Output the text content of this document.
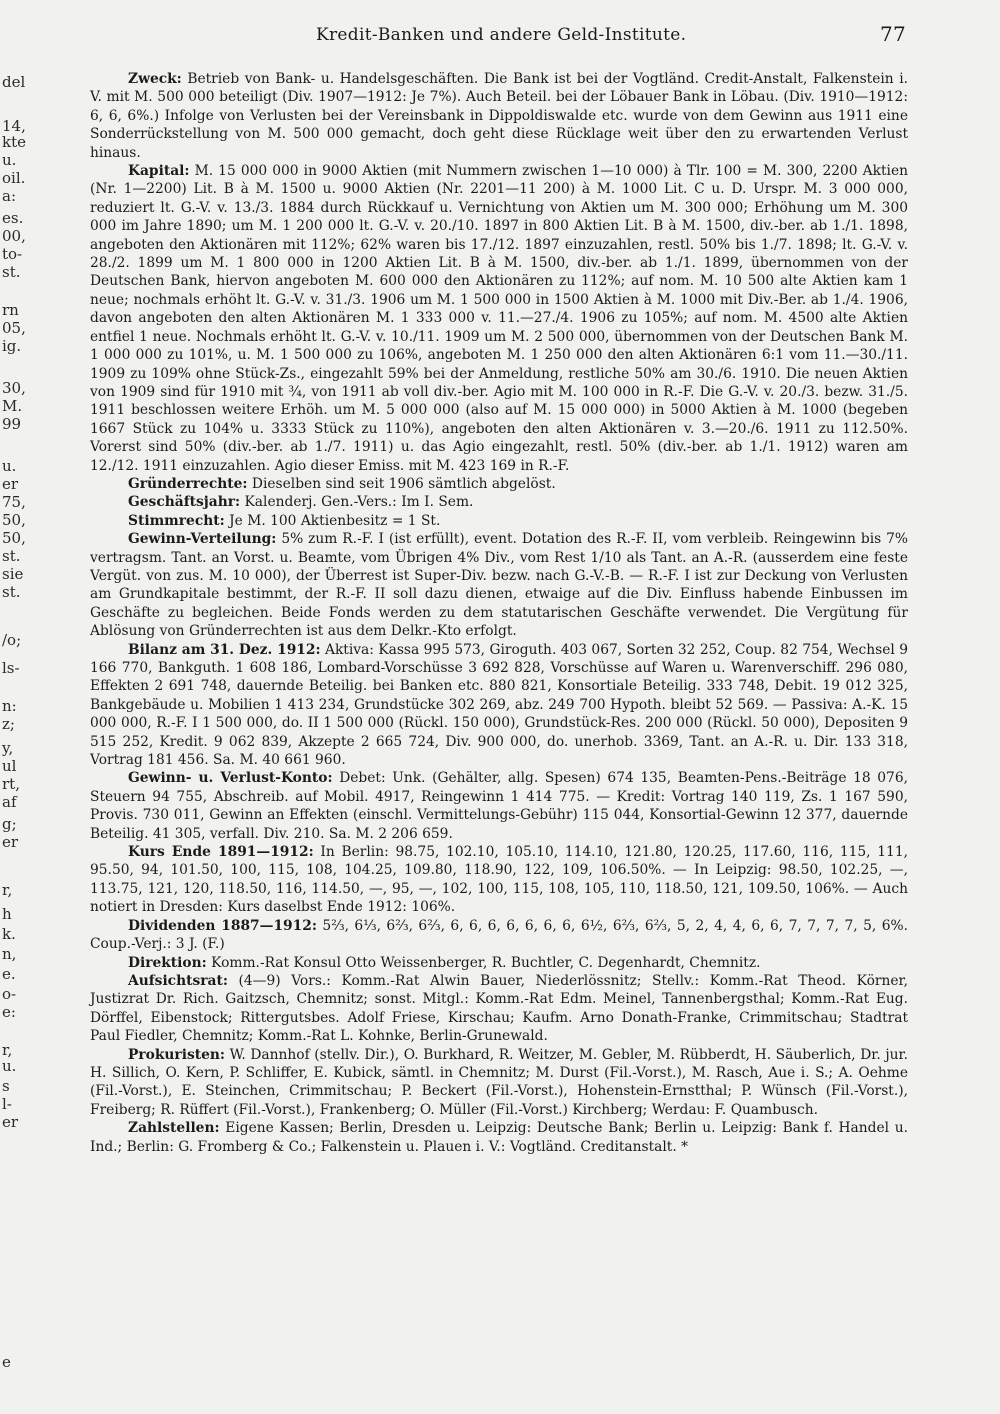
del
14,
kte
u.
oil.
a:
es.
00,
to-
st.
rn
05,
ig.
30,
M.
99
u.
er
75,
50,
50,
st.
sie
st.
/o;
ls-
n:
z;
y,
ul
rt,
af
g;
er
r,
h
k.
n,
e.
o-
e:
r,
u.
s
l-
er
e
Kredit-Banken und andere Geld-Institute.	77

Zweck: Betrieb von Bank- u. Handelsgeschäften. Die Bank ist bei der Vogtländ. Credit-Anstalt, Falkenstein i. V. mit M. 500 000 beteiligt (Div. 1907—1912: Je 7%). Auch Beteil. bei der Löbauer Bank in Löbau. (Div. 1910—1912: 6, 6, 6%.) Infolge von Verlusten bei der Vereinsbank in Dippoldiswalde etc. wurde von dem Gewinn aus 1911 eine Sonderrückstellung von M. 500 000 gemacht, doch geht diese Rücklage weit über den zu erwartenden Verlust hinaus.

Kapital: M. 15 000 000 in 9000 Aktien (mit Nummern zwischen 1—10 000) à Tlr. 100 = M. 300, 2200 Aktien (Nr. 1—2200) Lit. B à M. 1500 u. 9000 Aktien (Nr. 2201—11 200) à M. 1000 Lit. C u. D. Urspr. M. 3 000 000, reduziert lt. G.-V. v. 13./3. 1884 durch Rückkauf u. Vernichtung von Aktien um M. 300 000; Erhöhung um M. 300 000 im Jahre 1890; um M. 1 200 000 lt. G.-V. v. 20./10. 1897 in 800 Aktien Lit. B à M. 1500, div.-ber. ab 1./1. 1898, angeboten den Aktionären mit 112%; 62% waren bis 17./12. 1897 einzuzahlen, restl. 50% bis 1./7. 1898; lt. G.-V. v. 28./2. 1899 um M. 1 800 000 in 1200 Aktien Lit. B à M. 1500, div.-ber. ab 1./1. 1899, übernommen von der Deutschen Bank, hiervon angeboten M. 600 000 den Aktionären zu 112%; auf nom. M. 10 500 alte Aktien kam 1 neue; nochmals erhöht lt. G.-V. v. 31./3. 1906 um M. 1 500 000 in 1500 Aktien à M. 1000 mit Div.-Ber. ab 1./4. 1906, davon angeboten den alten Aktionären M. 1 333 000 v. 11.—27./4. 1906 zu 105%; auf nom. M. 4500 alte Aktien entfiel 1 neue. Nochmals erhöht lt. G.-V. v. 10./11. 1909 um M. 2 500 000, übernommen von der Deutschen Bank M. 1 000 000 zu 101%, u. M. 1 500 000 zu 106%, angeboten M. 1 250 000 den alten Aktionären 6:1 vom 11.—30./11. 1909 zu 109% ohne Stück-Zs., eingezahlt 59% bei der Anmeldung, restliche 50% am 30./6. 1910. Die neuen Aktien von 1909 sind für 1910 mit ¾, von 1911 ab voll div.-ber. Agio mit M. 100 000 in R.-F. Die G.-V. v. 20./3. bezw. 31./5. 1911 beschlossen weitere Erhöh. um M. 5 000 000 (also auf M. 15 000 000) in 5000 Aktien à M. 1000 (begeben 1667 Stück zu 104% u. 3333 Stück zu 110%), angeboten den alten Aktionären v. 3.—20./6. 1911 zu 112.50%. Vorerst sind 50% (div.-ber. ab 1./7. 1911) u. das Agio eingezahlt, restl. 50% (div.-ber. ab 1./1. 1912) waren am 12./12. 1911 einzuzahlen. Agio dieser Emiss. mit M. 423 169 in R.-F.

Gründerrechte: Dieselben sind seit 1906 sämtlich abgelöst.

Geschäftsjahr: Kalenderj. Gen.-Vers.: Im I. Sem.

Stimmrecht: Je M. 100 Aktienbesitz = 1 St.

Gewinn-Verteilung: 5% zum R.-F. I (ist erfüllt), event. Dotation des R.-F. II, vom verbleib. Reingewinn bis 7% vertragsm. Tant. an Vorst. u. Beamte, vom Übrigen 4% Div., vom Rest 1/10 als Tant. an A.-R. (ausserdem eine feste Vergüt. von zus. M. 10 000), der Überrest ist Super-Div. bezw. nach G.-V.-B. — R.-F. I ist zur Deckung von Verlusten am Grundkapitale bestimmt, der R.-F. II soll dazu dienen, etwaige auf die Div. Einfluss habende Einbussen im Geschäfte zu begleichen. Beide Fonds werden zu dem statutarischen Geschäfte verwendet. Die Vergütung für Ablösung von Gründerrechten ist aus dem Delkr.-Kto erfolgt.

Bilanz am 31. Dez. 1912: Aktiva: Kassa 995 573, Giroguth. 403 067, Sorten 32 252, Coup. 82 754, Wechsel 9 166 770, Bankguth. 1 608 186, Lombard-Vorschüsse 3 692 828, Vorschüsse auf Waren u. Warenverschiff. 296 080, Effekten 2 691 748, dauernde Beteilig. bei Banken etc. 880 821, Konsortiale Beteilig. 333 748, Debit. 19 012 325, Bankgebäude u. Mobilien 1 413 234, Grundstücke 302 269, abz. 249 700 Hypoth. bleibt 52 569. — Passiva: A.-K. 15 000 000, R.-F. I 1 500 000, do. II 1 500 000 (Rückl. 150 000), Grundstück-Res. 200 000 (Rückl. 50 000), Depositen 9 515 252, Kredit. 9 062 839, Akzepte 2 665 724, Div. 900 000, do. unerhob. 3369, Tant. an A.-R. u. Dir. 133 318, Vortrag 181 456. Sa. M. 40 661 960.

Gewinn- u. Verlust-Konto: Debet: Unk. (Gehälter, allg. Spesen) 674 135, Beamten-Pens.-Beiträge 18 076, Steuern 94 755, Abschreib. auf Mobil. 4917, Reingewinn 1 414 775. — Kredit: Vortrag 140 119, Zs. 1 167 590, Provis. 730 011, Gewinn an Effekten (einschl. Vermittelungs-Gebühr) 115 044, Konsortial-Gewinn 12 377, dauernde Beteilig. 41 305, verfall. Div. 210. Sa. M. 2 206 659.

Kurs Ende 1891—1912: In Berlin: 98.75, 102.10, 105.10, 114.10, 121.80, 120.25, 117.60, 116, 115, 111, 95.50, 94, 101.50, 100, 115, 108, 104.25, 109.80, 118.90, 122, 109, 106.50%. — In Leipzig: 98.50, 102.25, —, 113.75, 121, 120, 118.50, 116, 114.50, —, 95, —, 102, 100, 115, 108, 105, 110, 118.50, 121, 109.50, 106%. — Auch notiert in Dresden: Kurs daselbst Ende 1912: 106%.

Dividenden 1887—1912: 5⅔, 6⅓, 6⅔, 6⅔, 6, 6, 6, 6, 6, 6, 6, 6½, 6⅔, 6⅔, 5, 2, 4, 4, 6, 6, 7, 7, 7, 7, 5, 6%. Coup.-Verj.: 3 J. (F.)

Direktion: Komm.-Rat Konsul Otto Weissenberger, R. Buchtler, C. Degenhardt, Chemnitz.

Aufsichtsrat: (4—9) Vors.: Komm.-Rat Alwin Bauer, Niederlössnitz; Stellv.: Komm.-Rat Theod. Körner, Justizrat Dr. Rich. Gaitzsch, Chemnitz; sonst. Mitgl.: Komm.-Rat Edm. Meinel, Tannenbergsthal; Komm.-Rat Eug. Dörffel, Eibenstock; Rittergutsbes. Adolf Friese, Kirschau; Kaufm. Arno Donath-Franke, Crimmitschau; Stadtrat Paul Fiedler, Chemnitz; Komm.-Rat L. Kohnke, Berlin-Grunewald.

Prokuristen: W. Dannhof (stellv. Dir.), O. Burkhard, R. Weitzer, M. Gebler, M. Rübberdt, H. Säuberlich, Dr. jur. H. Sillich, O. Kern, P. Schliffer, E. Kubick, sämtl. in Chemnitz; M. Durst (Fil.-Vorst.), M. Rasch, Aue i. S.; A. Oehme (Fil.-Vorst.), E. Steinchen, Crimmitschau; P. Beckert (Fil.-Vorst.), Hohenstein-Ernstthal; P. Wünsch (Fil.-Vorst.), Freiberg; R. Rüffert (Fil.-Vorst.), Frankenberg; O. Müller (Fil.-Vorst.) Kirchberg; Werdau: F. Quambusch.

Zahlstellen: Eigene Kassen; Berlin, Dresden u. Leipzig: Deutsche Bank; Berlin u. Leipzig: Bank f. Handel u. Ind.; Berlin: G. Fromberg & Co.; Falkenstein u. Plauen i. V.: Vogtländ. Creditanstalt. *
